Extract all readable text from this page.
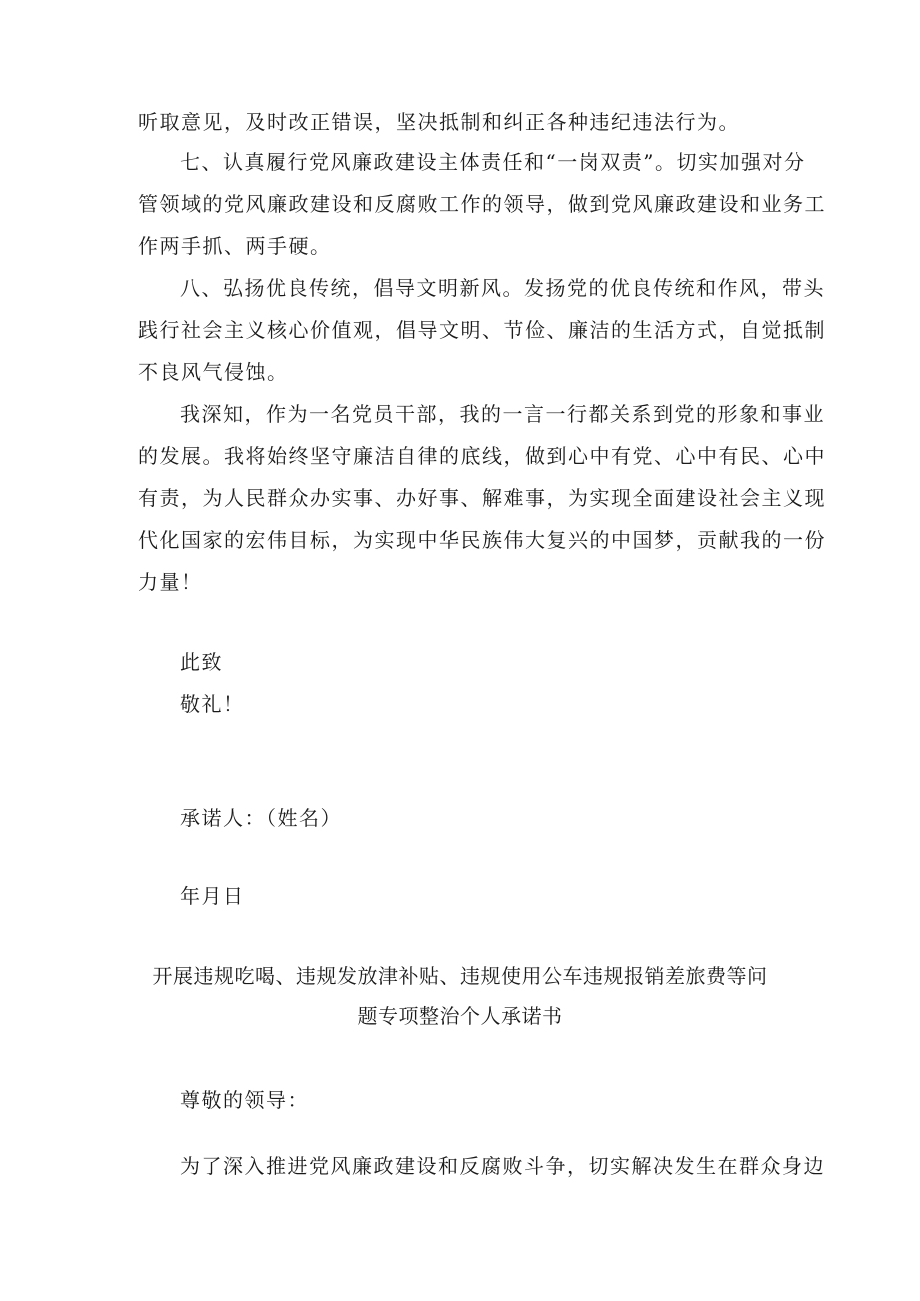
听取意见，及时改正错误，坚决抵制和纠正各种违纪违法行为。
七、认真履行党风廉政建设主体责任和“一岗双责”。切实加强对分
管领域的党风廉政建设和反腐败工作的领导，做到党风廉政建设和业务工
作两手抓、两手硬。
八、弘扬优良传统，倡导文明新风。发扬党的优良传统和作风，带头
践行社会主义核心价值观，倡导文明、节俭、廉洁的生活方式，自觉抵制
不良风气侵蚀。
我深知，作为一名党员干部，我的一言一行都关系到党的形象和事业
的发展。我将始终坚守廉洁自律的底线，做到心中有党、心中有民、心中
有责，为人民群众办实事、办好事、解难事，为实现全面建设社会主义现
代化国家的宏伟目标，为实现中华民族伟大复兴的中国梦，贡献我的一份
力量！
此致
敬礼！
承诺人：（姓名）
年月日
开展违规吃喝、违规发放津补贴、违规使用公车违规报销差旅费等问
题专项整治个人承诺书
尊敬的领导：
为了深入推进党风廉政建设和反腐败斗争，切实解决发生在群众身边
